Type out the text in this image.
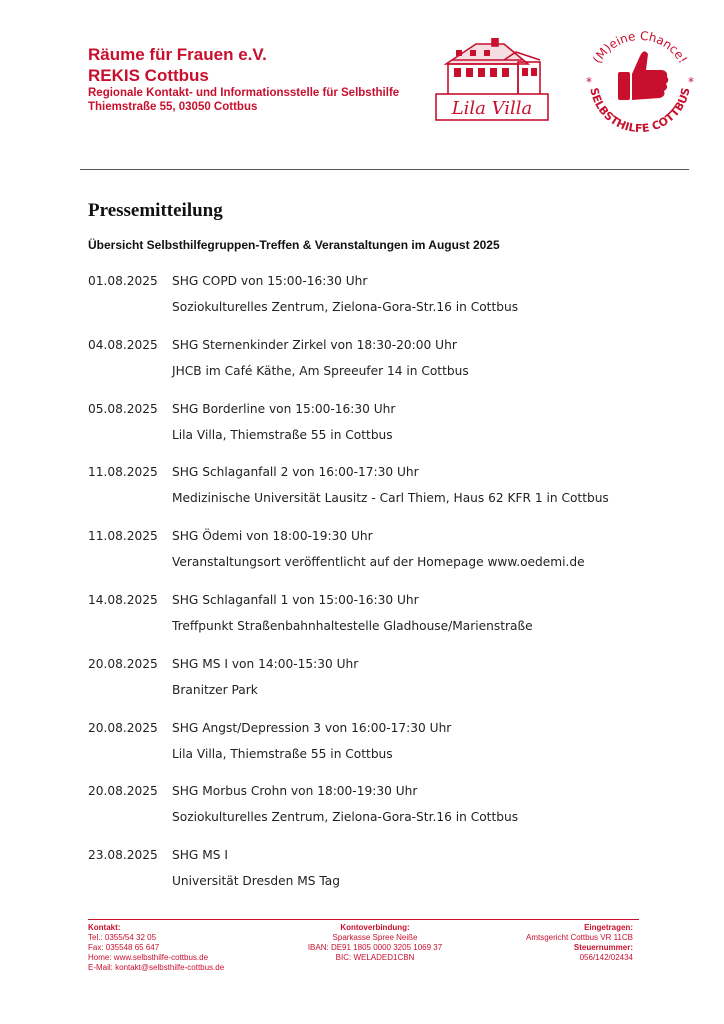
Räume für Frauen e.V.
REKIS Cottbus
Regionale Kontakt- und Informationsstelle für Selbsthilfe
Thiemstraße 55, 03050 Cottbus	Lila Villa
(M)eine Chance!
SELBSTHILFE COTTBUS
*	*
Pressemitteilung
Übersicht Selbsthilfegruppen-Treffen & Veranstaltungen im August 2025
01.08.2025 SHG COPD von 15:00-16:30 Uhr
Soziokulturelles Zentrum, Zielona-Gora-Str.16 in Cottbus
04.08.2025 SHG Sternenkinder Zirkel von 18:30-20:00 Uhr
JHCB im Café Käthe, Am Spreeufer 14 in Cottbus
05.08.2025 SHG Borderline von 15:00-16:30 Uhr
Lila Villa, Thiemstraße 55 in Cottbus
11.08.2025 SHG Schlaganfall 2 von 16:00-17:30 Uhr
Medizinische Universität Lausitz - Carl Thiem, Haus 62 KFR 1 in Cottbus
11.08.2025 SHG Ödemi von 18:00-19:30 Uhr
Veranstaltungsort veröffentlicht auf der Homepage www.oedemi.de
14.08.2025 SHG Schlaganfall 1 von 15:00-16:30 Uhr
Treffpunkt Straßenbahnhaltestelle Gladhouse/Marienstraße
20.08.2025 SHG MS I von 14:00-15:30 Uhr
Branitzer Park
20.08.2025 SHG Angst/Depression 3 von 16:00-17:30 Uhr
Lila Villa, Thiemstraße 55 in Cottbus
20.08.2025 SHG Morbus Crohn von 18:00-19:30 Uhr
Soziokulturelles Zentrum, Zielona-Gora-Str.16 in Cottbus
23.08.2025 SHG MS I
Universität Dresden MS Tag
Kontakt:
Tel.: 0355/54 32 05
Fax: 035548 65 647
Home: www.selbsthilfe-cottbus.de
E-Mail: kontakt@selbsthilfe-cottbus.de
Kontoverbindung:
Sparkasse Spree Neiße
IBAN: DE91 1805 0000 3205 1069 37
BIC: WELADED1CBN
Eingetragen:
Amtsgericht Cottbus VR 11CB
Steuernummer:
056/142/02434
